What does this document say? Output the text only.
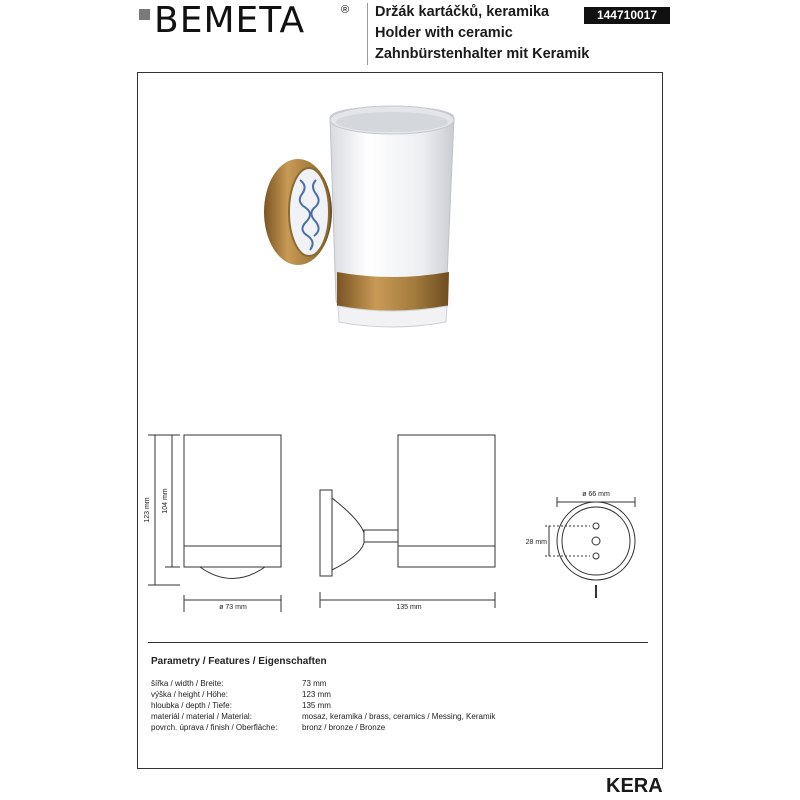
BEMETA	® Držák kartáčků, keramika
Holder with ceramic
Zahnbürstenhalter mit Keramik
144710017
123 mm 104 mm
ø 73 mm	135 mm
ø 66 mm
28 mm
Parametry / Features / Eigenschaften
šířka / width / Breite:	73 mm
výška / height / Höhe:	123 mm
hloubka / depth / Tiefe:	135 mm
materiál / material / Material:	mosaz, keramika / brass, ceramics / Messing, Keramik
povrch. úprava / finish / Oberfläche:	bronz / bronze / Bronze
KERA
